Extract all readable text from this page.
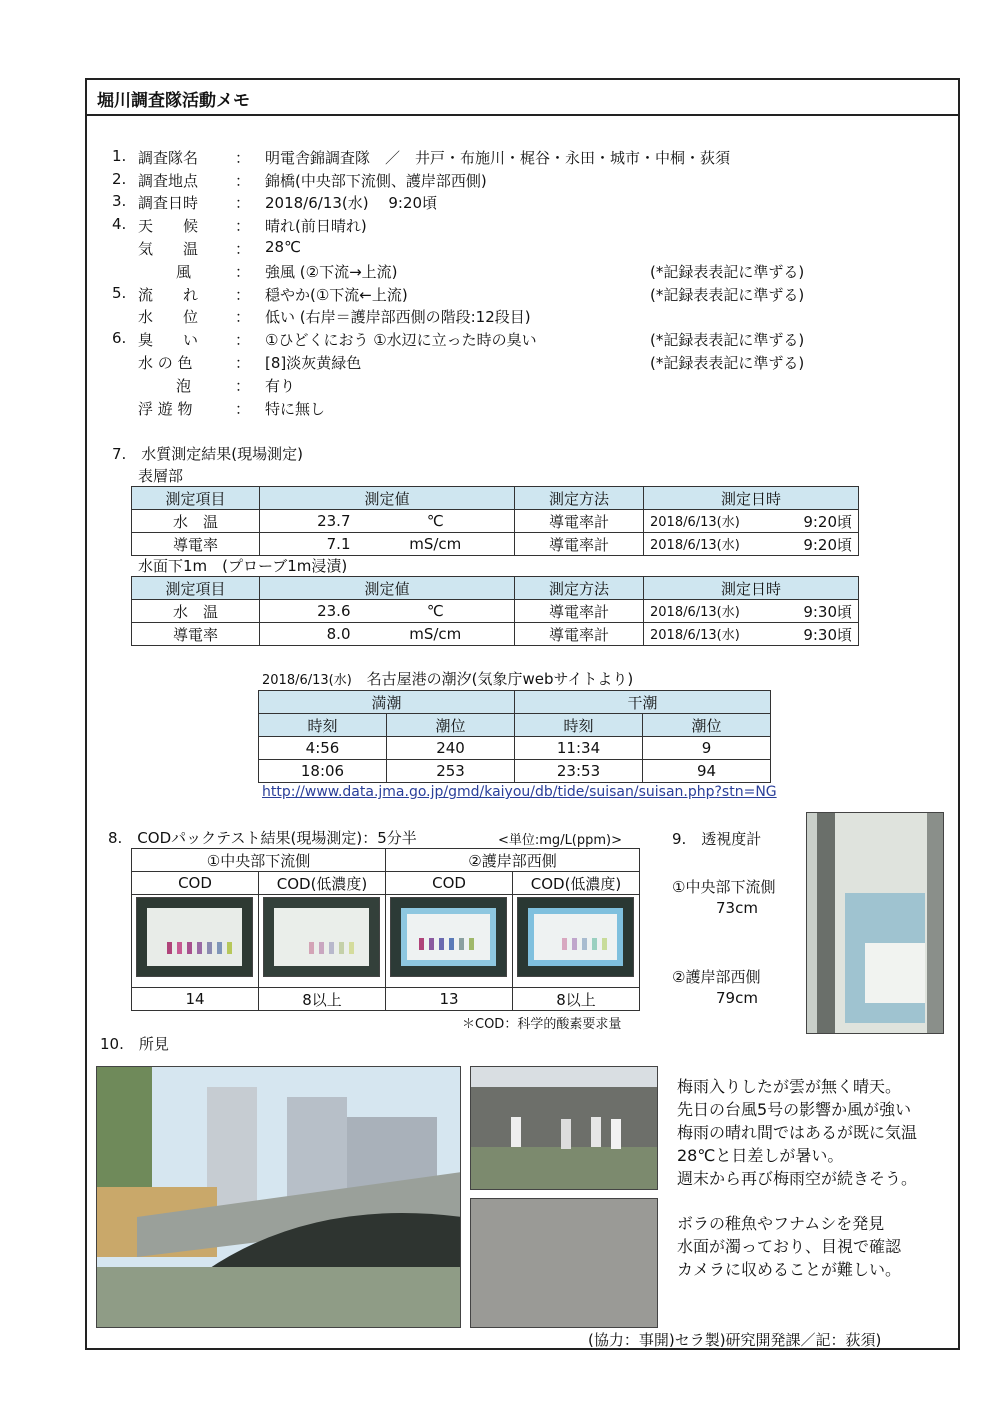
堀川調査隊活動メモ
1. 調査隊名 ： 明電舎錦調査隊　／　井戸・布施川・梶谷・永田・城市・中桐・荻須
2. 調査地点 ： 錦橋(中央部下流側、護岸部西側)
3. 調査日時 ： 2018/6/13(水)　 9:20頃
4. 天　　候 ： 晴れ(前日晴れ)
気　　温 ： 28℃
風	： 強風 (②下流→上流)	(*記録表表記に準ずる)
5. 流　　れ ： 穏やか(①下流←上流)	(*記録表表記に準ずる)
水　　位 ： 低い (右岸＝護岸部西側の階段:12段目)
6. 臭　　い ： ①ひどくにおう ①水辺に立った時の臭い	(*記録表表記に準ずる)
水 の 色	： [8]淡灰黄緑色	(*記録表表記に準ずる)
泡	： 有り
浮 遊 物	： 特に無し
7.　水質測定結果(現場測定)
表層部
測定項目	測定値		測定方法	測定日時
水　温	23.7	℃	導電率計	2018/6/13(水) 9:20頃

導電率	7.1	mS/cm	導電率計	2018/6/13(水) 9:20頃
水面下1m　(プローブ1m浸漬)
測定項目	測定値		測定方法	測定日時
水　温	23.6	℃	導電率計	2018/6/13(水) 9:30頃

導電率	8.0	mS/cm	導電率計	2018/6/13(水) 9:30頃
2018/6/13(水) 名古屋港の潮汐(気象庁webサイトより)
満潮		干潮	
時刻	潮位	時刻	潮位
4:56	240	11:34	9
18:06	253	23:53	94
http://www.data.jma.go.jp/gmd/kaiyou/db/tide/suisan/suisan.php?stn=NG
8.　CODパックテスト結果(現場測定)：5分半	<単位:mg/L(ppm)>
①中央部下流側		②護岸部西側	
COD	COD(低濃度)	COD	COD(低濃度)

14	8以上	13	8以上
＊COD：科学的酸素要求量
9.　透視度計
①中央部下流側
73cm
②護岸部西側
79cm
10.　所見
梅雨入りしたが雲が無く晴天。
先日の台風5号の影響か風が強い
梅雨の晴れ間ではあるが既に気温
28℃と日差しが暑い。
週末から再び梅雨空が続きそう。
ボラの稚魚やフナムシを発見
水面が濁っており、目視で確認
カメラに収めることが難しい。
(協力：事開)セラ製)研究開発課／記：荻須)
